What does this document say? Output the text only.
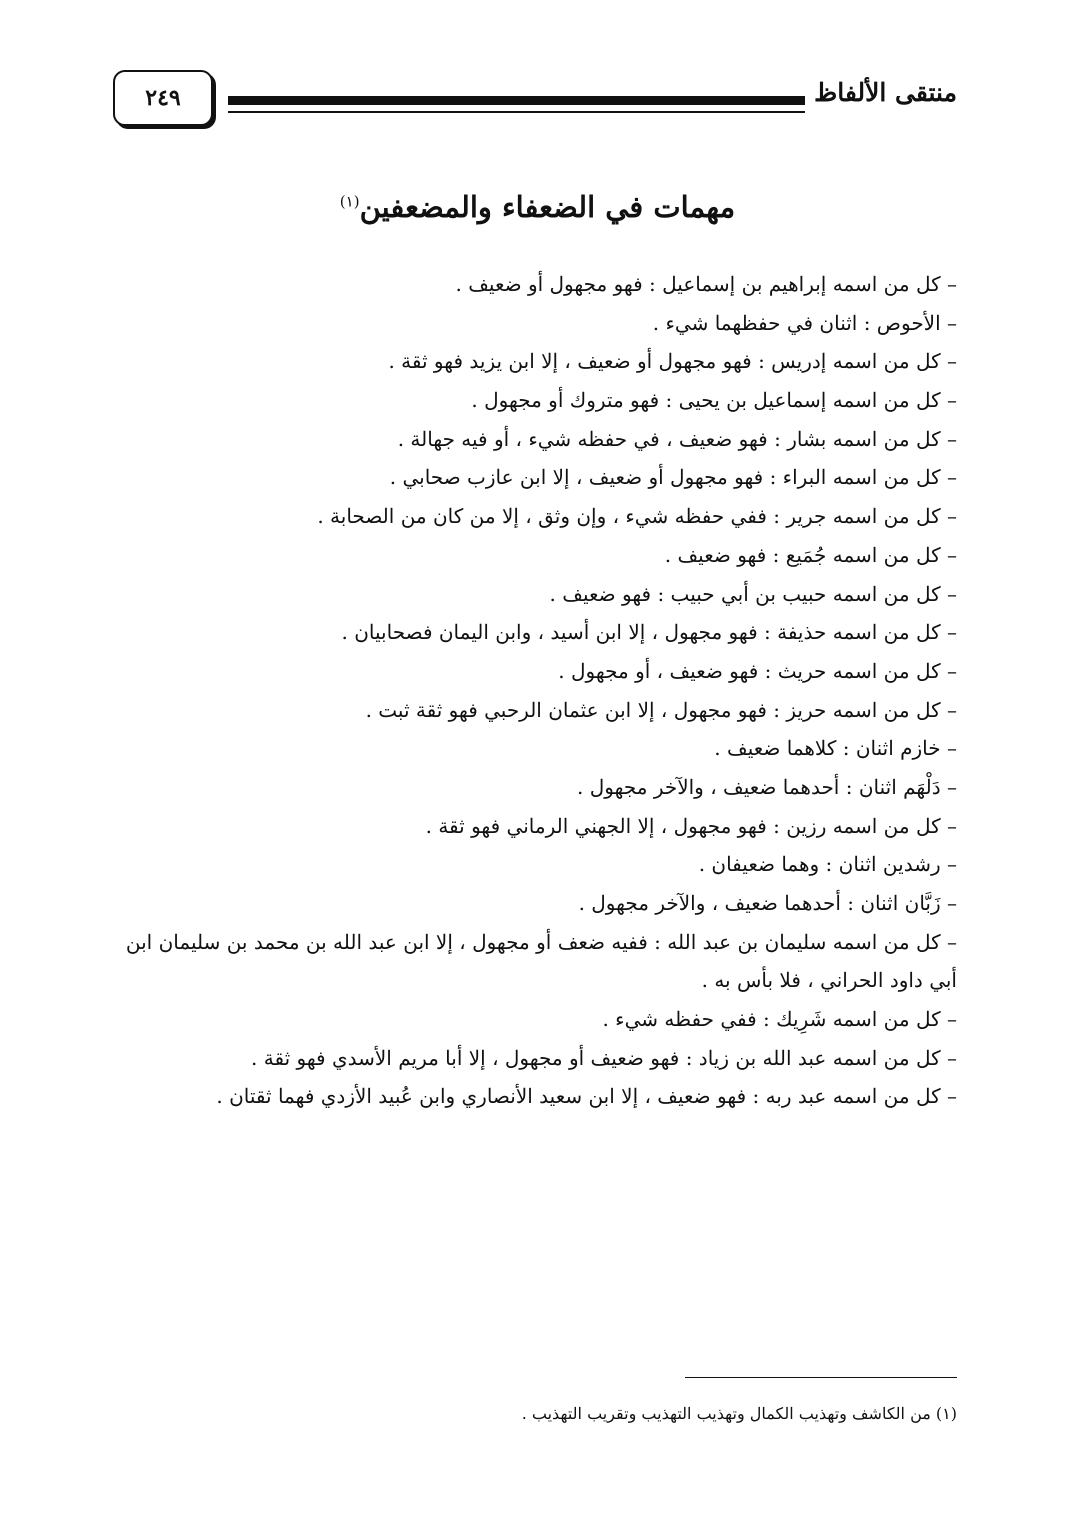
منتقى الألفاظ
٢٤٩
مهمات في الضعفاء والمضعفين$^{(١)}$
– كل من اسمه إبراهيم بن إسماعيل : فهو مجهول أو ضعيف .
– الأحوص : اثنان في حفظهما شيء .
– كل من اسمه إدريس : فهو مجهول أو ضعيف ، إلا ابن يزيد فهو ثقة .
– كل من اسمه إسماعيل بن يحيى : فهو متروك أو مجهول .
– كل من اسمه بشار : فهو ضعيف ، في حفظه شيء ، أو فيه جهالة .
– كل من اسمه البراء : فهو مجهول أو ضعيف ، إلا ابن عازب صحابي .
– كل من اسمه جرير : ففي حفظه شيء ، وإن وثق ، إلا من كان من الصحابة .
– كل من اسمه جُمَيع : فهو ضعيف .
– كل من اسمه حبيب بن أبي حبيب : فهو ضعيف .
– كل من اسمه حذيفة : فهو مجهول ، إلا ابن أسيد ، وابن اليمان فصحابيان .
– كل من اسمه حريث : فهو ضعيف ، أو مجهول .
– كل من اسمه حريز : فهو مجهول ، إلا ابن عثمان الرحبي فهو ثقة ثبت .
– خازم اثنان : كلاهما ضعيف .
– دَلْهَم اثنان : أحدهما ضعيف ، والآخر مجهول .
– كل من اسمه رزين : فهو مجهول ، إلا الجهني الرماني فهو ثقة .
– رشدين اثنان : وهما ضعيفان .
– زَبَّان اثنان : أحدهما ضعيف ، والآخر مجهول .
– كل من اسمه سليمان بن عبد الله : ففيه ضعف أو مجهول ، إلا ابن عبد الله بن محمد بن سليمان ابن أبي داود الحراني ، فلا بأس به .
– كل من اسمه شَرِيك : ففي حفظه شيء .
– كل من اسمه عبد الله بن زياد : فهو ضعيف أو مجهول ، إلا أبا مريم الأسدي فهو ثقة .
– كل من اسمه عبد ربه : فهو ضعيف ، إلا ابن سعيد الأنصاري وابن عُبيد الأزدي فهما ثقتان .
(١) من الكاشف وتهذيب الكمال وتهذيب التهذيب وتقريب التهذيب .
